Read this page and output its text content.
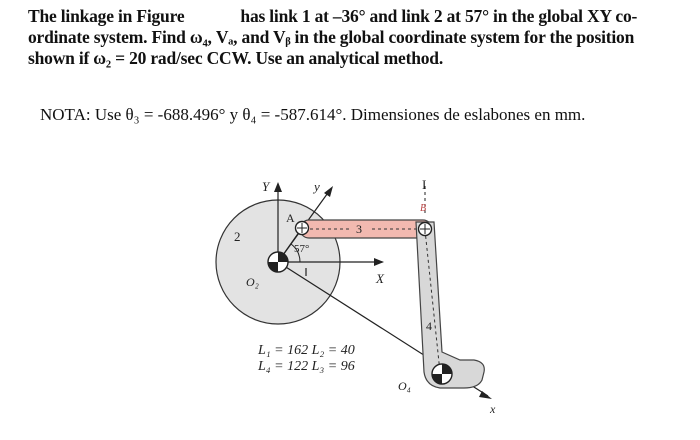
The linkage in Figure	has link 1 at –36° and link 2 at 57° in the global XY co-
ordinate system. Find ω₄, Vₐ, and Vᵦ in the global coordinate system for the position
shown if ω₂ = 20 rad/sec CCW. Use an analytical method.
NOTA: Use θ₃ = -688.496° y θ₄ = -587.614°. Dimensiones de eslabones en mm.
Y	y
A
B
I
2	3
4
57°
X
x
O₂
O₄
L₁ = 162 L₂ = 40
L₄ = 122 L₃ = 96
